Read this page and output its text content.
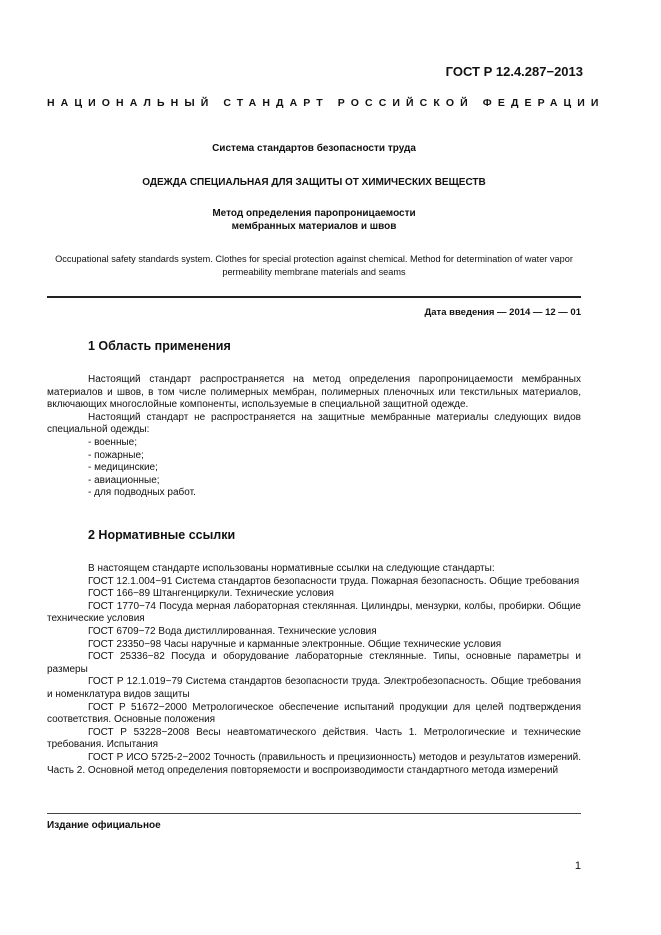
ГОСТ Р 12.4.287−2013
НАЦИОНАЛЬНЫЙ СТАНДАРТ РОССИЙСКОЙ ФЕДЕРАЦИИ
Система стандартов безопасности труда
ОДЕЖДА СПЕЦИАЛЬНАЯ ДЛЯ ЗАЩИТЫ ОТ ХИМИЧЕСКИХ ВЕЩЕСТВ
Метод определения паропроницаемости
мембранных материалов и швов
Occupational safety standards system. Clothes for special protection against chemical. Method for determination of water vapor permeability membrane materials and seams
Дата введения — 2014 — 12 — 01
1 Область применения

Настоящий стандарт распространяется на метод определения паропроницаемости мембранных материалов и швов, в том числе полимерных мембран, полимерных пленочных или текстильных материалов, включающих многослойные компоненты, используемые в специальной защитной одежде.

Настоящий стандарт не распространяется на защитные мембранные материалы следующих видов специальной одежды:

- военные;

- пожарные;

- медицинские;

- авиационные;

- для подводных работ.

2 Нормативные ссылки

В настоящем стандарте использованы нормативные ссылки на следующие стандарты:

ГОСТ 12.1.004−91 Система стандартов безопасности труда. Пожарная безопасность. Общие требования

ГОСТ 166−89 Штангенциркули. Технические условия

ГОСТ 1770−74 Посуда мерная лабораторная стеклянная. Цилиндры, мензурки, колбы, пробирки. Общие технические условия

ГОСТ 6709−72 Вода дистиллированная. Технические условия

ГОСТ 23350−98 Часы наручные и карманные электронные. Общие технические условия

ГОСТ 25336−82 Посуда и оборудование лабораторные стеклянные. Типы, основные параметры и размеры

ГОСТ Р 12.1.019−79 Система стандартов безопасности труда. Электробезопасность. Общие требования и номенклатура видов защиты

ГОСТ Р 51672−2000 Метрологическое обеспечение испытаний продукции для целей подтверждения соответствия. Основные положения

ГОСТ Р 53228−2008 Весы неавтоматического действия. Часть 1. Метрологические и технические требования. Испытания

ГОСТ Р ИСО 5725-2−2002 Точность (правильность и прецизионность) методов и результатов измерений. Часть 2. Основной метод определения повторяемости и воспроизводимости стандартного метода измерений

Издание официальное
1
